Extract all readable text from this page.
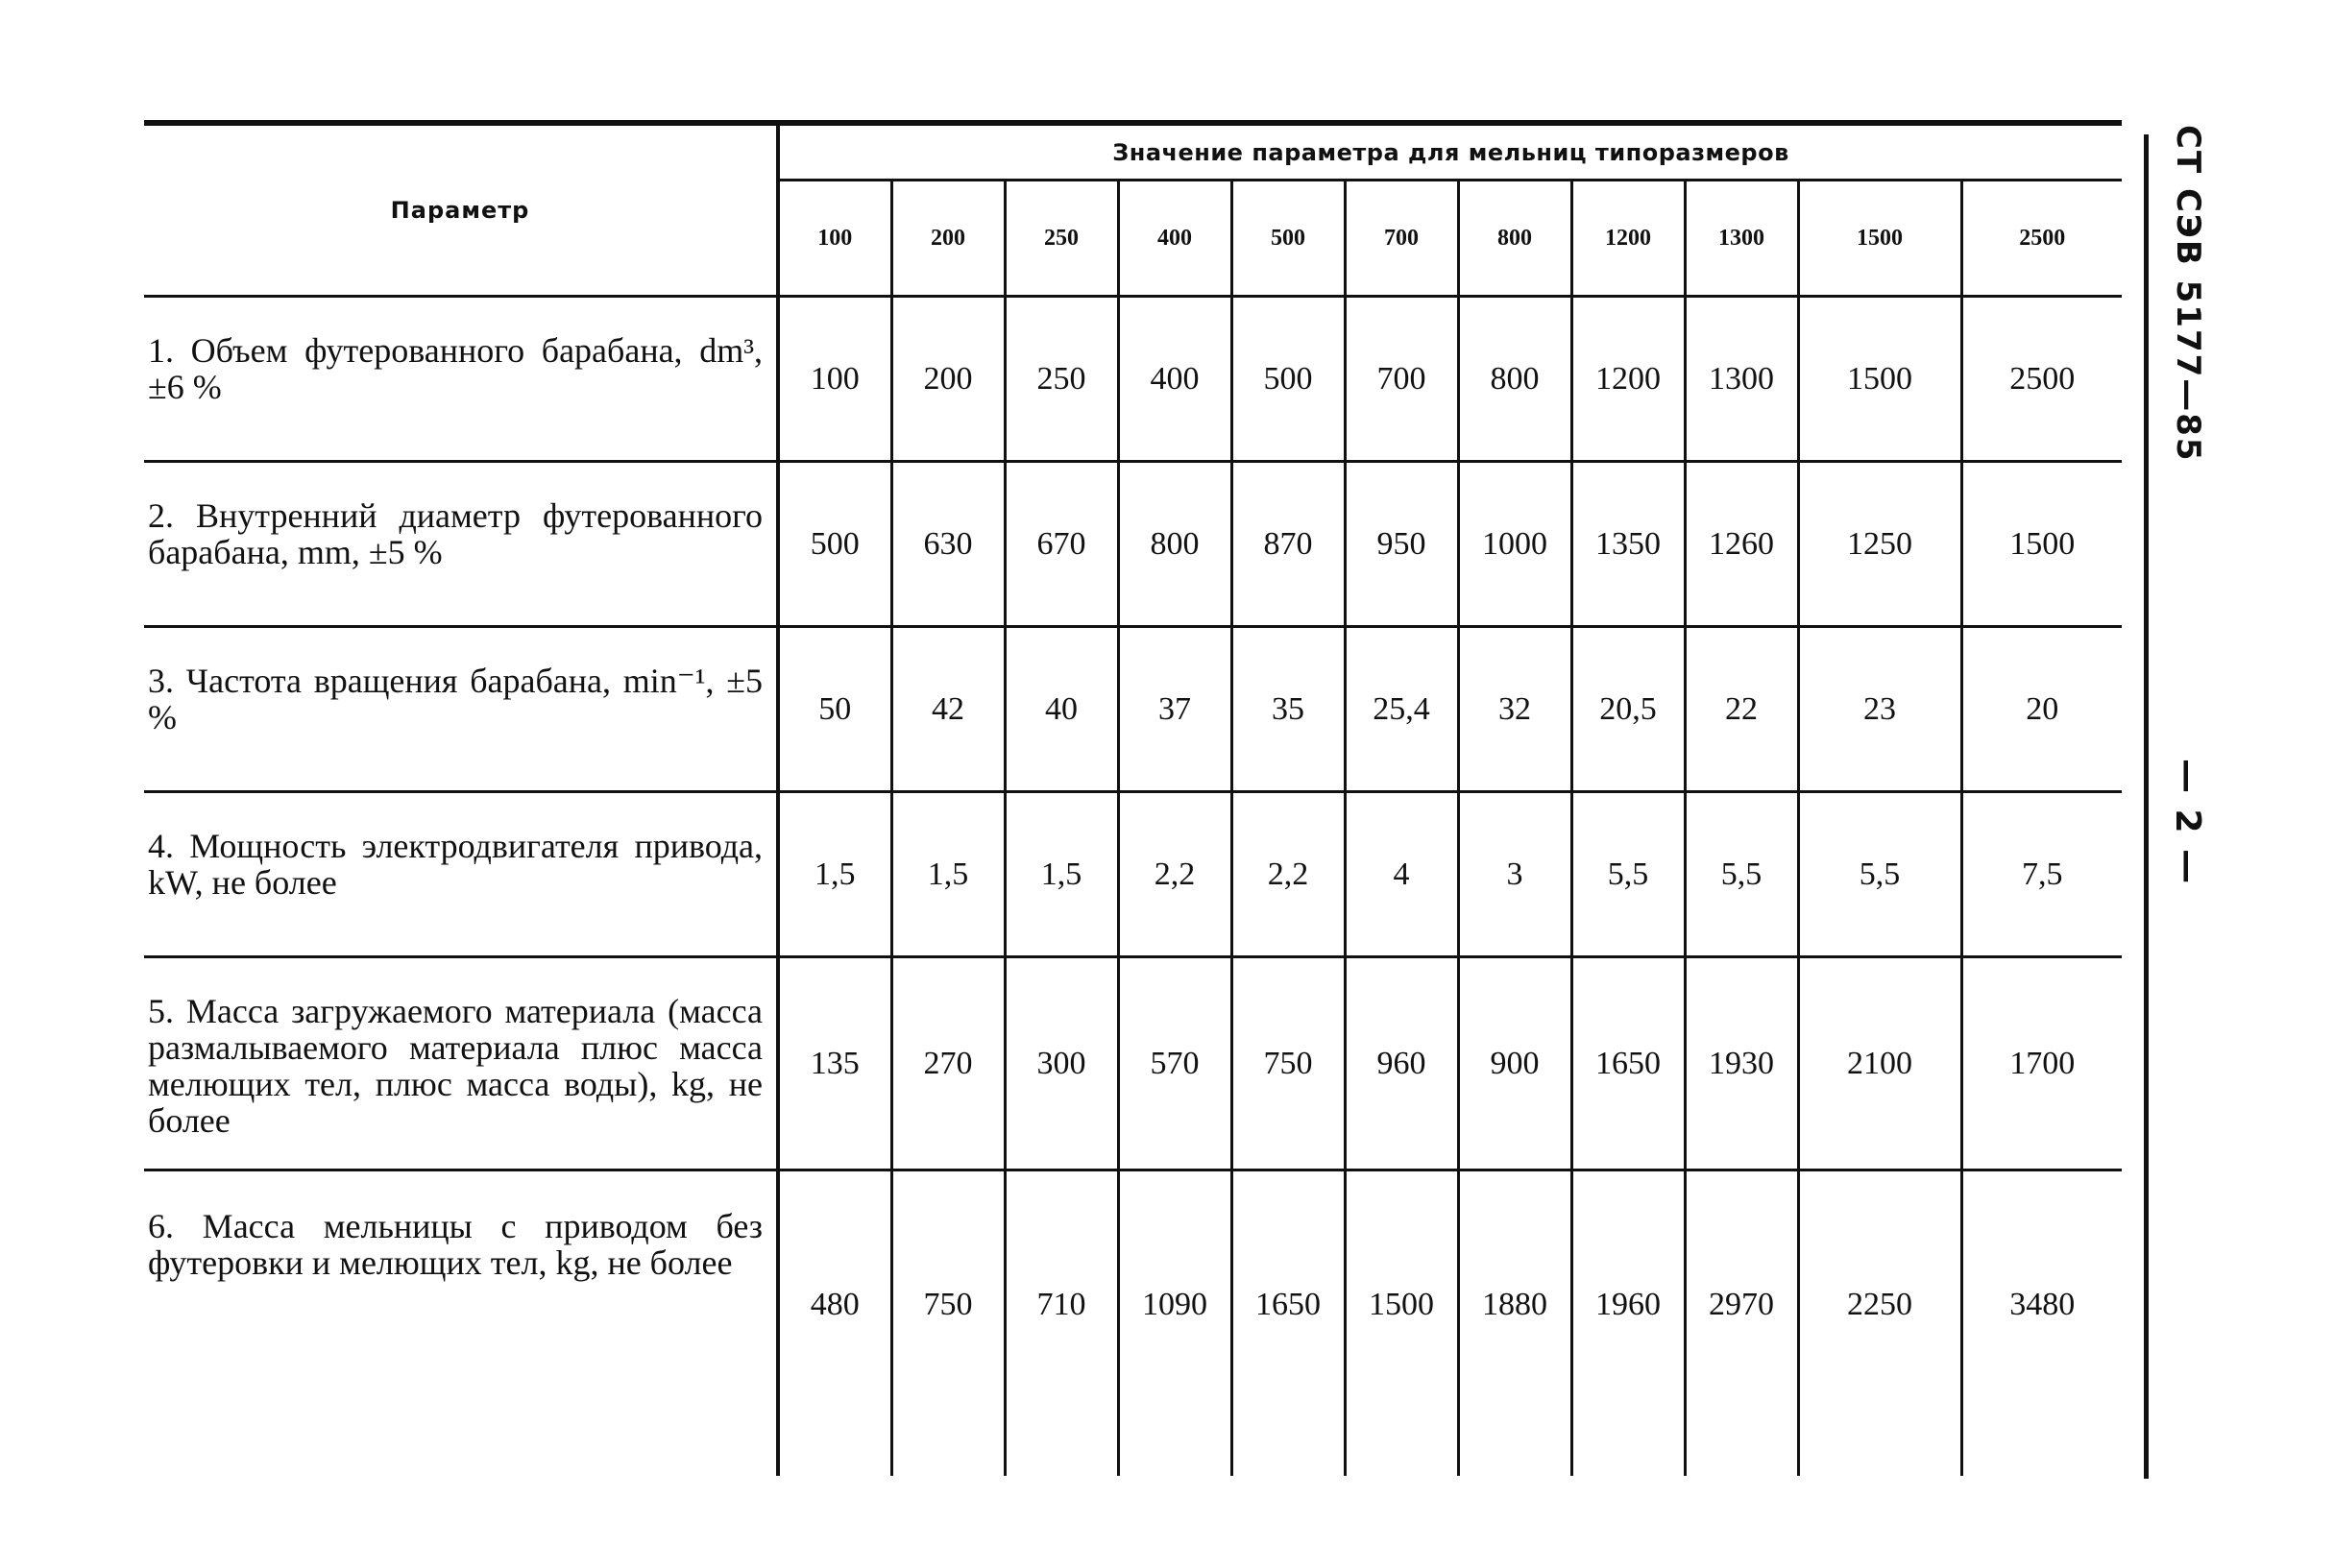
Параметр	Значение параметра для мельниц типоразмеров										
	100	200	250	400	500	700	800	1200	1300	1500	2500

1. Объем футерованного барабана, dm³, ±6 %	100	200	250	400	500	700	800	1200	1300	1500	2500

2. Внутренний диаметр футерованного барабана, mm, ±5 %	500	630	670	800	870	950	1000	1350	1260	1250	1500

3. Частота вращения барабана, min⁻¹, ±5 %	50	42	40	37	35	25,4	32	20,5	22	23	20

4. Мощность электродвигателя привода, kW, не более	1,5	1,5	1,5	2,2	2,2	4	3	5,5	5,5	5,5	7,5

5. Масса загружаемого материала (масса размалываемого материала плюс масса мелющих тел, плюс масса воды), kg, не более	135	270	300	570	750	960	900	1650	1930	2100	1700

6. Масса мельницы с приводом без футеровки и мелющих тел, kg, не более	480	750	710	1090	1650	1500	1880	1960	2970	2250	3480
СТ СЭВ 5177—85
— 2 —
